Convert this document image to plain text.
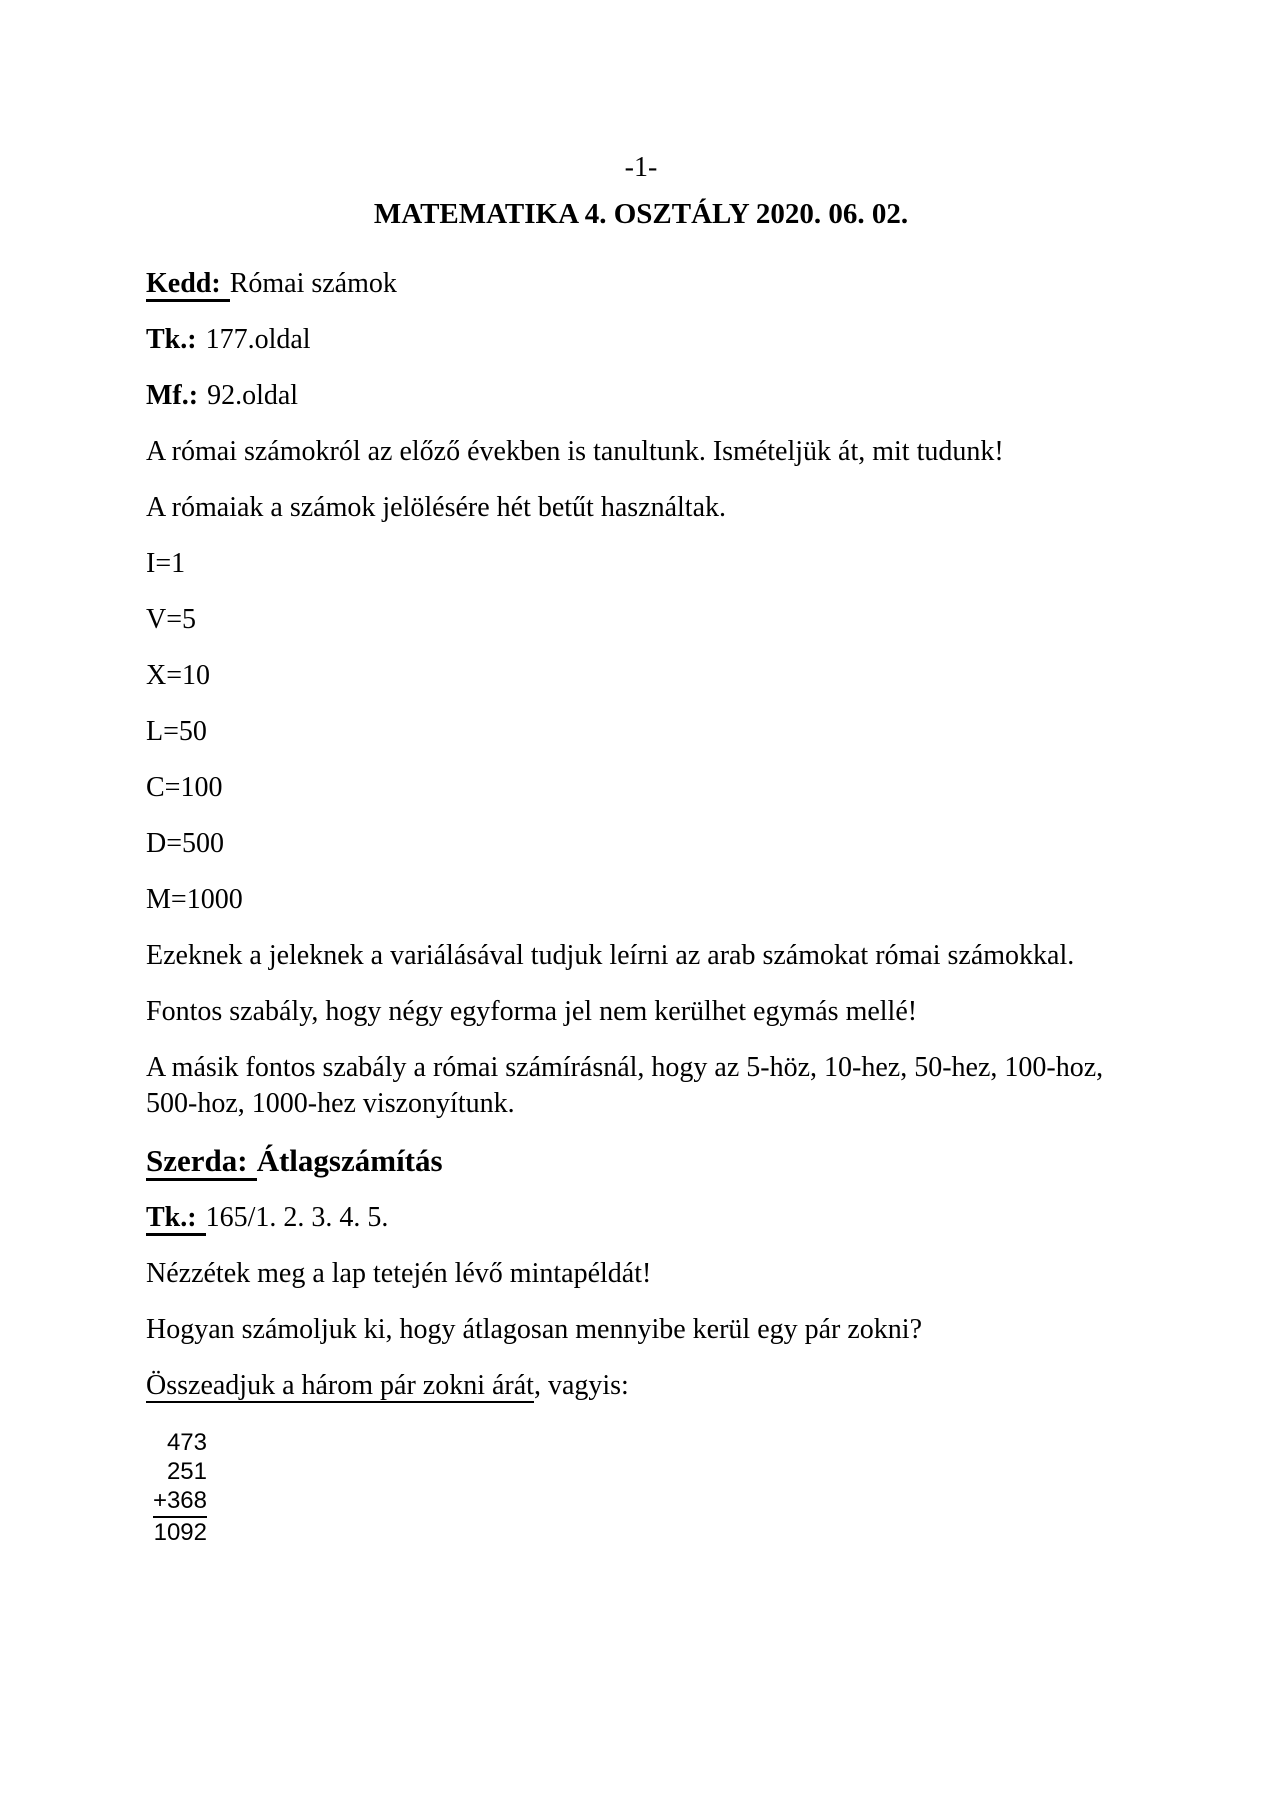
-1-

MATEMATIKA 4. OSZTÁLY 2020. 06. 02.

Kedd: Római számok

Tk.: 177.oldal

Mf.: 92.oldal

A római számokról az előző években is tanultunk. Ismételjük át, mit tudunk!

A rómaiak a számok jelölésére hét betűt használtak.

I=1

V=5

X=10

L=50

C=100

D=500

M=1000

Ezeknek a jeleknek a variálásával tudjuk leírni az arab számokat római számokkal.

Fontos szabály, hogy négy egyforma jel nem kerülhet egymás mellé!

A másik fontos szabály a római számírásnál, hogy az 5-höz, 10-hez, 50-hez, 100-hoz, 500-hoz, 1000-hez viszonyítunk.

Szerda: Átlagszámítás

Tk.: 165/1. 2. 3. 4. 5.

Nézzétek meg a lap tetején lévő mintapéldát!

Hogyan számoljuk ki, hogy átlagosan mennyibe kerül egy pár zokni?

Összeadjuk a három pár zokni árát, vagyis:

473
251
+368
1092
